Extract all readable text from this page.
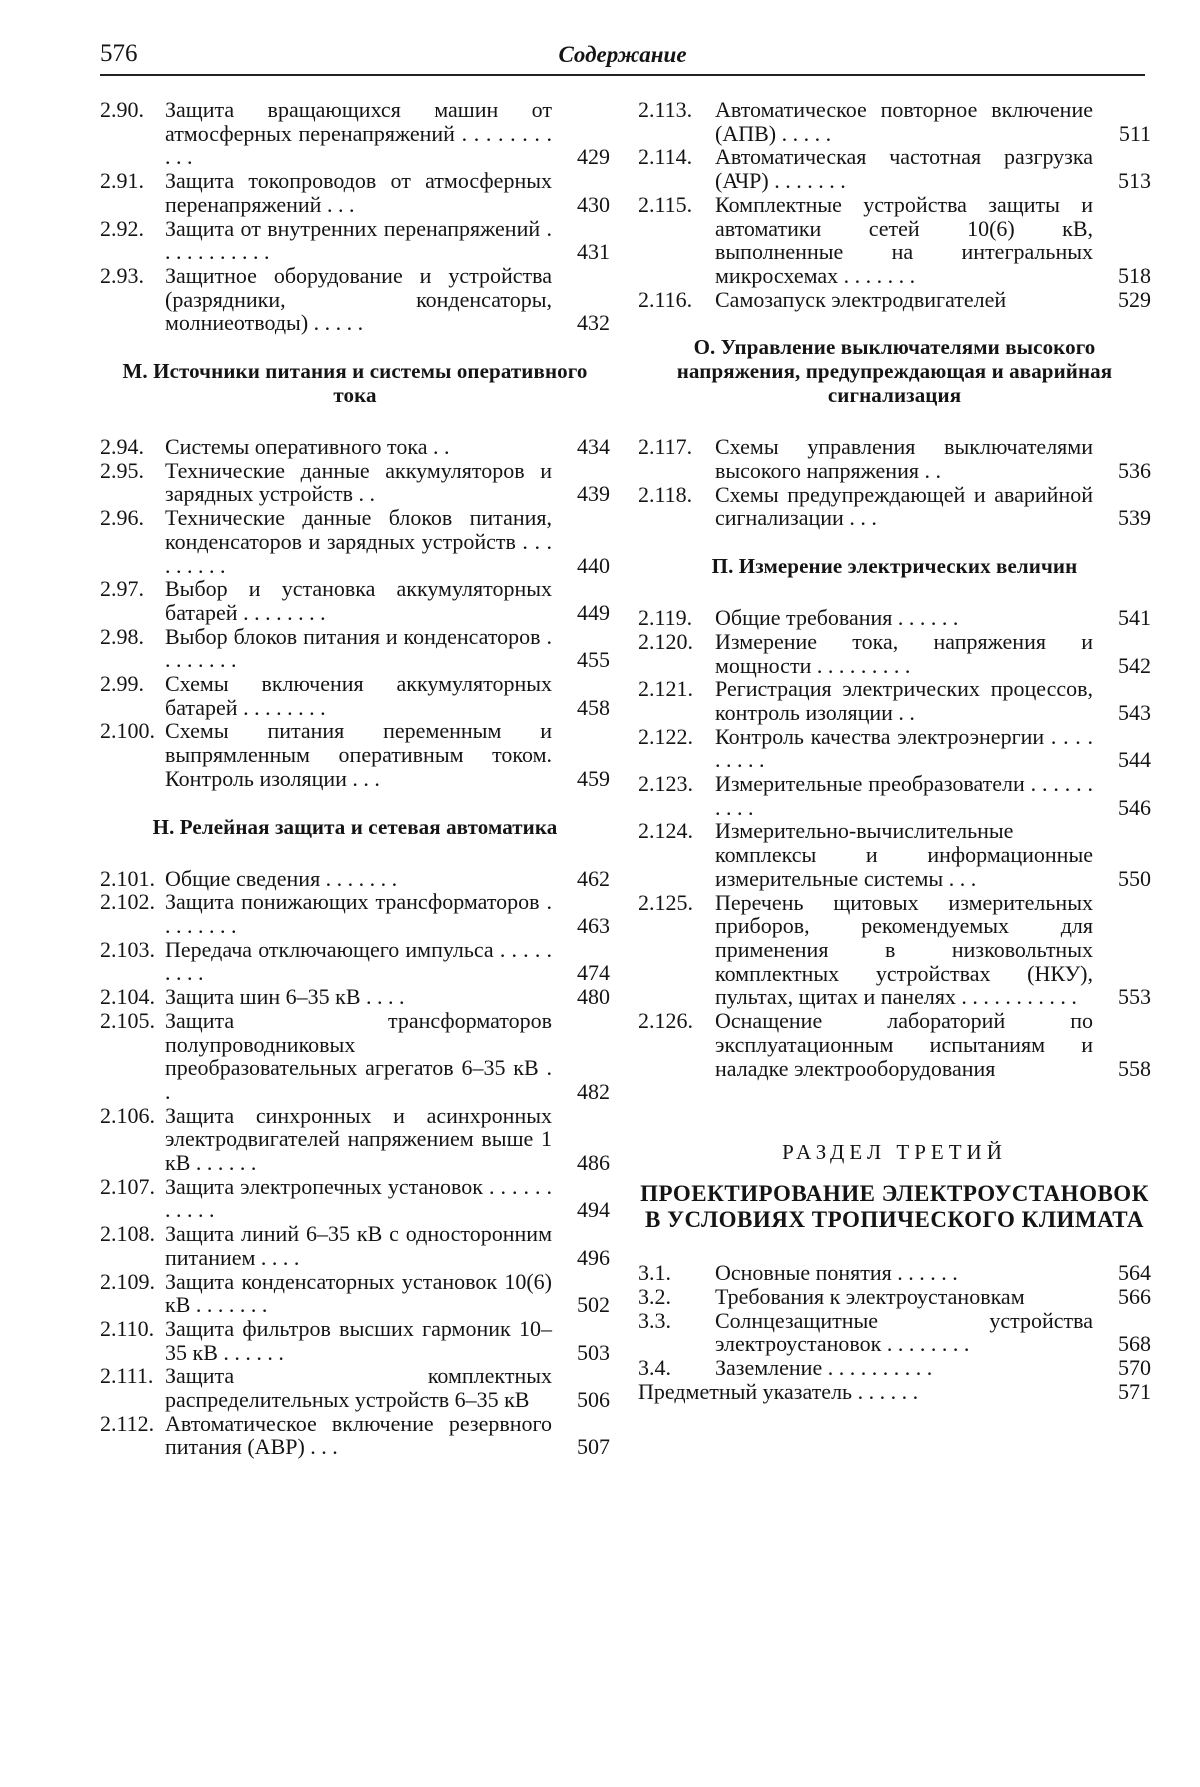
576	Содержание
2.90. Защита вращающихся машин от атмосферных перенапряжений . . . . . . . . . . .	429
2.91. Защита токопроводов от атмосферных перенапряжений . . .	430
2.92. Защита от внутренних перенапряжений . . . . . . . . . . .	431
2.93. Защитное оборудование и устройства (разрядники, конденсаторы, молниеотводы) . . . . .	432
М. Источники питания и системы оперативного тока
2.94. Системы оперативного тока . .	434
2.95. Технические данные аккумуляторов и зарядных устройств . .	439
2.96. Технические данные блоков питания, конденсаторов и зарядных устройств . . . . . . . . .	440
2.97. Выбор и установка аккумуляторных батарей . . . . . . . .	449
2.98. Выбор блоков питания и конденсаторов . . . . . . . .	455
2.99. Схемы включения аккумуляторных батарей . . . . . . . .	458
2.100. Схемы питания переменным и выпрямленным оперативным током. Контроль изоляции . . .	459
Н. Релейная защита и сетевая автоматика
2.101. Общие сведения . . . . . . .	462
2.102. Защита понижающих трансформаторов . . . . . . . .	463
2.103. Передача отключающего импульса . . . . . . . . .	474
2.104. Защита шин 6–35 кВ . . . .	480
2.105. Защита трансформаторов полупроводниковых преобразовательных агрегатов 6–35 кВ . .	482
2.106. Защита синхронных и асинхронных электродвигателей напряжением выше 1 кВ . . . . . .	486
2.107. Защита электропечных установок . . . . . . . . . . .	494
2.108. Защита линий 6–35 кВ с односторонним питанием . . . .	496
2.109. Защита конденсаторных установок 10(6) кВ . . . . . . .	502
2.110. Защита фильтров высших гармоник 10–35 кВ . . . . . .	503
2.111. Защита комплектных распределительных устройств 6–35 кВ	506
2.112. Автоматическое включение резервного питания (АВР) . . .	507
2.113. Автоматическое повторное включение (АПВ) . . . . .	511
2.114. Автоматическая частотная разгрузка (АЧР) . . . . . . .	513
2.115. Комплектные устройства защиты и автоматики сетей 10(6) кВ, выполненные на интегральных микросхемах . . . . . . .	518
2.116. Самозапуск электродвигателей	529
О. Управление выключателями высокого напряжения, предупреждающая и аварийная сигнализация
2.117. Схемы управления выключателями высокого напряжения . .	536
2.118. Схемы предупреждающей и аварийной сигнализации . . .	539
П. Измерение электрических величин
2.119. Общие требования . . . . . .	541
2.120. Измерение тока, напряжения и мощности . . . . . . . . .	542
2.121. Регистрация электрических процессов, контроль изоляции . .	543
2.122. Контроль качества электроэнергии . . . . . . . . .	544
2.123. Измерительные преобразователи . . . . . . . . . .	546
2.124. Измерительно-вычислительные комплексы и информационные измерительные системы . . .	550
2.125. Перечень щитовых измерительных приборов, рекомендуемых для применения в низковольтных комплектных устройствах (НКУ), пультах, щитах и панелях . . . . . . . . . . .	553
2.126. Оснащение лабораторий по эксплуатационным испытаниям и наладке электрооборудования	558
РАЗДЕЛ ТРЕТИЙ
ПРОЕКТИРОВАНИЕ ЭЛЕКТРОУСТАНОВОК В УСЛОВИЯХ ТРОПИЧЕСКОГО КЛИМАТА
3.1. Основные понятия . . . . . .	564
3.2. Требования к электроустановкам	566
3.3. Солнцезащитные устройства электроустановок . . . . . . . .	568
3.4. Заземление . . . . . . . . . .	570
Предметный указатель . . . . . .	571
